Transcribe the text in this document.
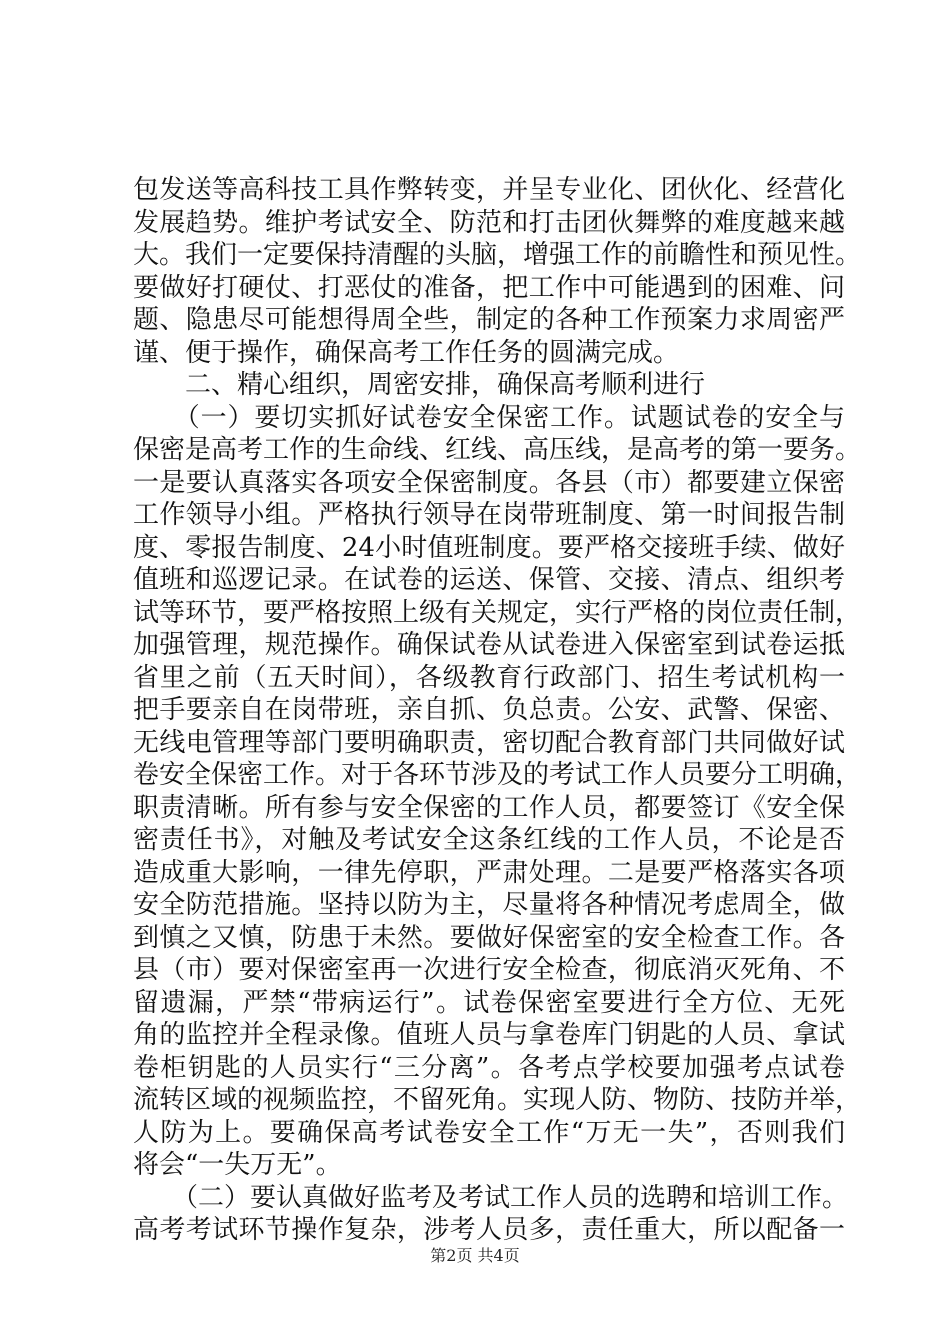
包发送等高科技工具作弊转变，并呈专业化、团伙化、经营化
发展趋势。维护考试安全、防范和打击团伙舞弊的难度越来越
大。我们一定要保持清醒的头脑，增强工作的前瞻性和预见性。
要做好打硬仗、打恶仗的准备，把工作中可能遇到的困难、问
题、隐患尽可能想得周全些，制定的各种工作预案力求周密严
谨、便于操作，确保高考工作任务的圆满完成。
　　二、精心组织，周密安排，确保高考顺利进行
　　（一）要切实抓好试卷安全保密工作。试题试卷的安全与
保密是高考工作的生命线、红线、高压线，是高考的第一要务。
一是要认真落实各项安全保密制度。各县（市）都要建立保密
工作领导小组。严格执行领导在岗带班制度、第一时间报告制
度、零报告制度、24小时值班制度。要严格交接班手续、做好
值班和巡逻记录。在试卷的运送、保管、交接、清点、组织考
试等环节，要严格按照上级有关规定，实行严格的岗位责任制，
加强管理，规范操作。确保试卷从试卷进入保密室到试卷运抵
省里之前（五天时间），各级教育行政部门、招生考试机构一
把手要亲自在岗带班，亲自抓、负总责。公安、武警、保密、
无线电管理等部门要明确职责，密切配合教育部门共同做好试
卷安全保密工作。对于各环节涉及的考试工作人员要分工明确，
职责清晰。所有参与安全保密的工作人员，都要签订《安全保
密责任书》，对触及考试安全这条红线的工作人员，不论是否
造成重大影响，一律先停职，严肃处理。二是要严格落实各项
安全防范措施。坚持以防为主，尽量将各种情况考虑周全，做
到慎之又慎，防患于未然。要做好保密室的安全检查工作。各
县（市）要对保密室再一次进行安全检查，彻底消灭死角、不
留遗漏，严禁“带病运行”。试卷保密室要进行全方位、无死
角的监控并全程录像。值班人员与拿卷库门钥匙的人员、拿试
卷柜钥匙的人员实行“三分离”。各考点学校要加强考点试卷
流转区域的视频监控，不留死角。实现人防、物防、技防并举，
人防为上。要确保高考试卷安全工作“万无一失”，否则我们
将会“一失万无”。
　　（二）要认真做好监考及考试工作人员的选聘和培训工作。
高考考试环节操作复杂，涉考人员多，责任重大，所以配备一
第2页 共4页
